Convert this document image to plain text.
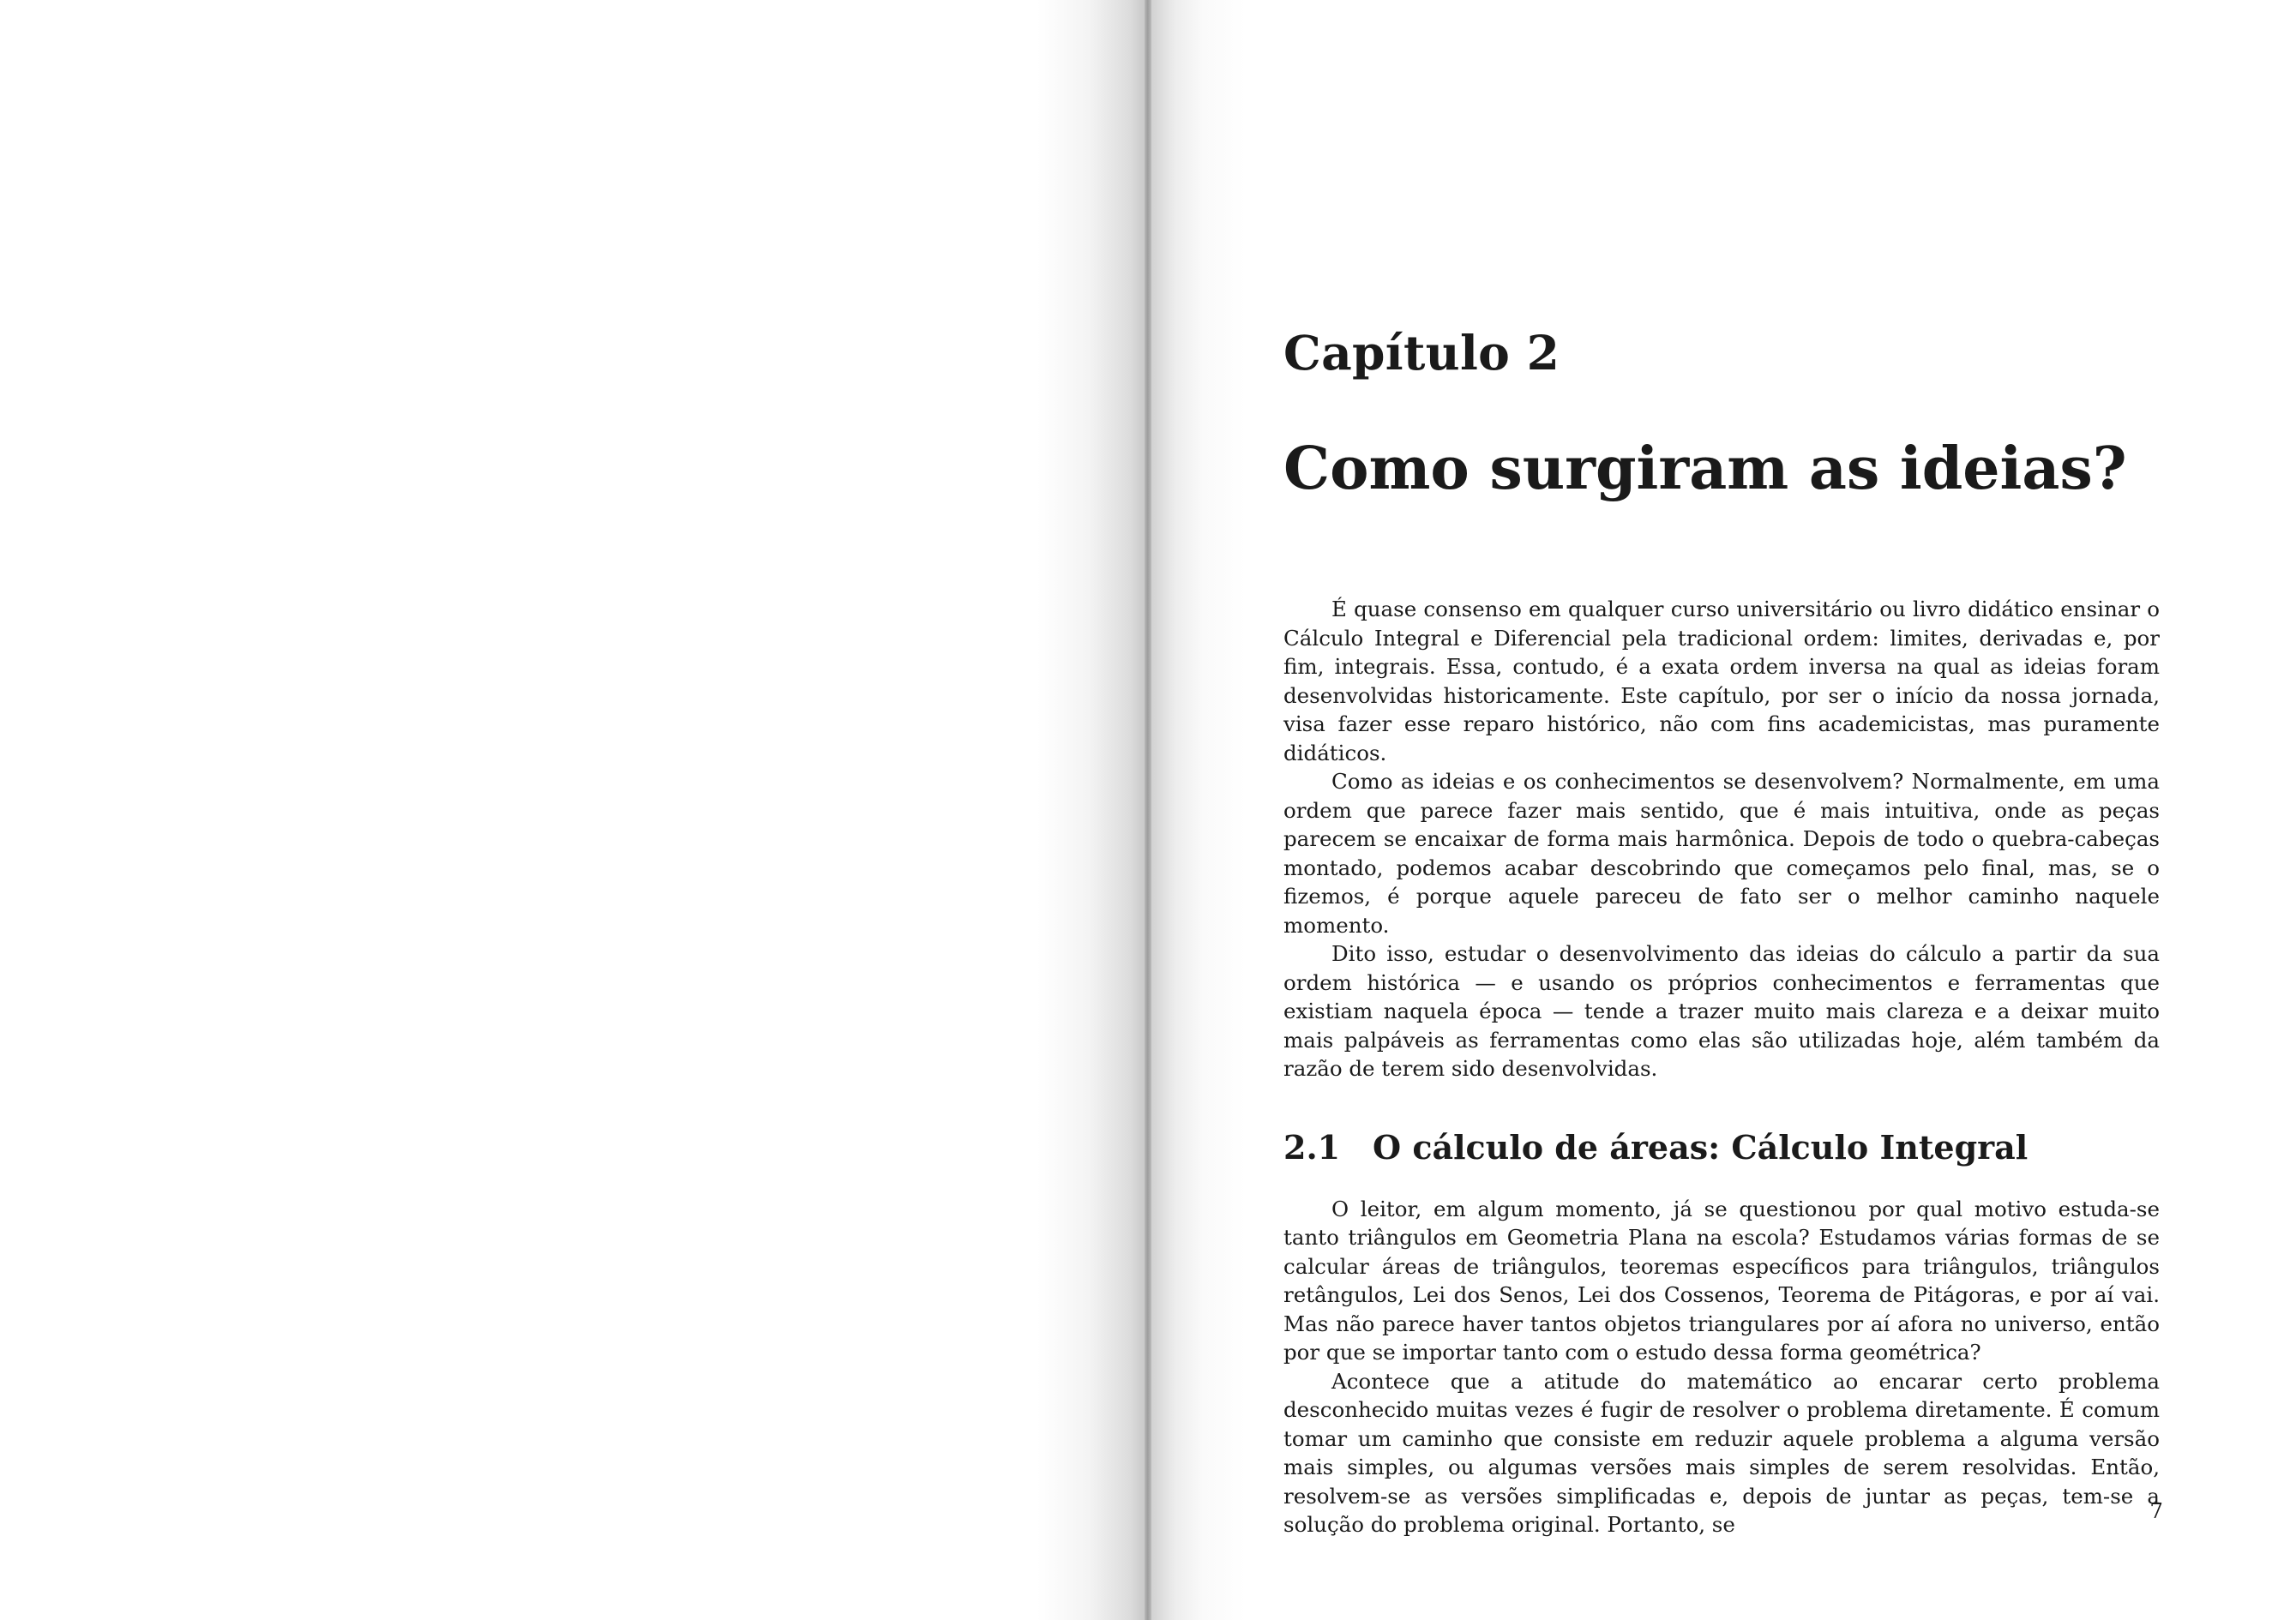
Capítulo 2
Como surgiram as ideias?

É quase consenso em qualquer curso universitário ou livro didático ensinar o Cálculo Integral e Diferencial pela tradicional ordem: limites, derivadas e, por fim, integrais. Essa, contudo, é a exata ordem inversa na qual as ideias foram desenvolvidas historicamente. Este capítulo, por ser o início da nossa jornada, visa fazer esse reparo histórico, não com fins academicistas, mas puramente didáticos.

Como as ideias e os conhecimentos se desenvolvem? Normalmente, em uma ordem que parece fazer mais sentido, que é mais intuitiva, onde as peças parecem se encaixar de forma mais harmônica. Depois de todo o quebra-cabeças montado, podemos acabar descobrindo que começamos pelo final, mas, se o fizemos, é porque aquele pareceu de fato ser o melhor caminho naquele momento.

Dito isso, estudar o desenvolvimento das ideias do cálculo a partir da sua ordem histórica — e usando os próprios conhecimentos e ferramentas que existiam naquela época — tende a trazer muito mais clareza e a deixar muito mais palpáveis as ferramentas como elas são utilizadas hoje, além também da razão de terem sido desenvolvidas.

2.1 O cálculo de áreas: Cálculo Integral

O leitor, em algum momento, já se questionou por qual motivo estuda-se tanto triângulos em Geometria Plana na escola? Estudamos várias formas de se calcular áreas de triângulos, teoremas específicos para triângulos, triângulos retângulos, Lei dos Senos, Lei dos Cossenos, Teorema de Pitágoras, e por aí vai. Mas não parece haver tantos objetos triangulares por aí afora no universo, então por que se importar tanto com o estudo dessa forma geométrica?

Acontece que a atitude do matemático ao encarar certo problema desconhecido muitas vezes é fugir de resolver o problema diretamente. É comum tomar um caminho que consiste em reduzir aquele problema a alguma versão mais simples, ou algumas versões mais simples de serem resolvidas. Então, resolvem-se as versões simplificadas e, depois de juntar as peças, tem-se a solução do problema original. Portanto, se

7
